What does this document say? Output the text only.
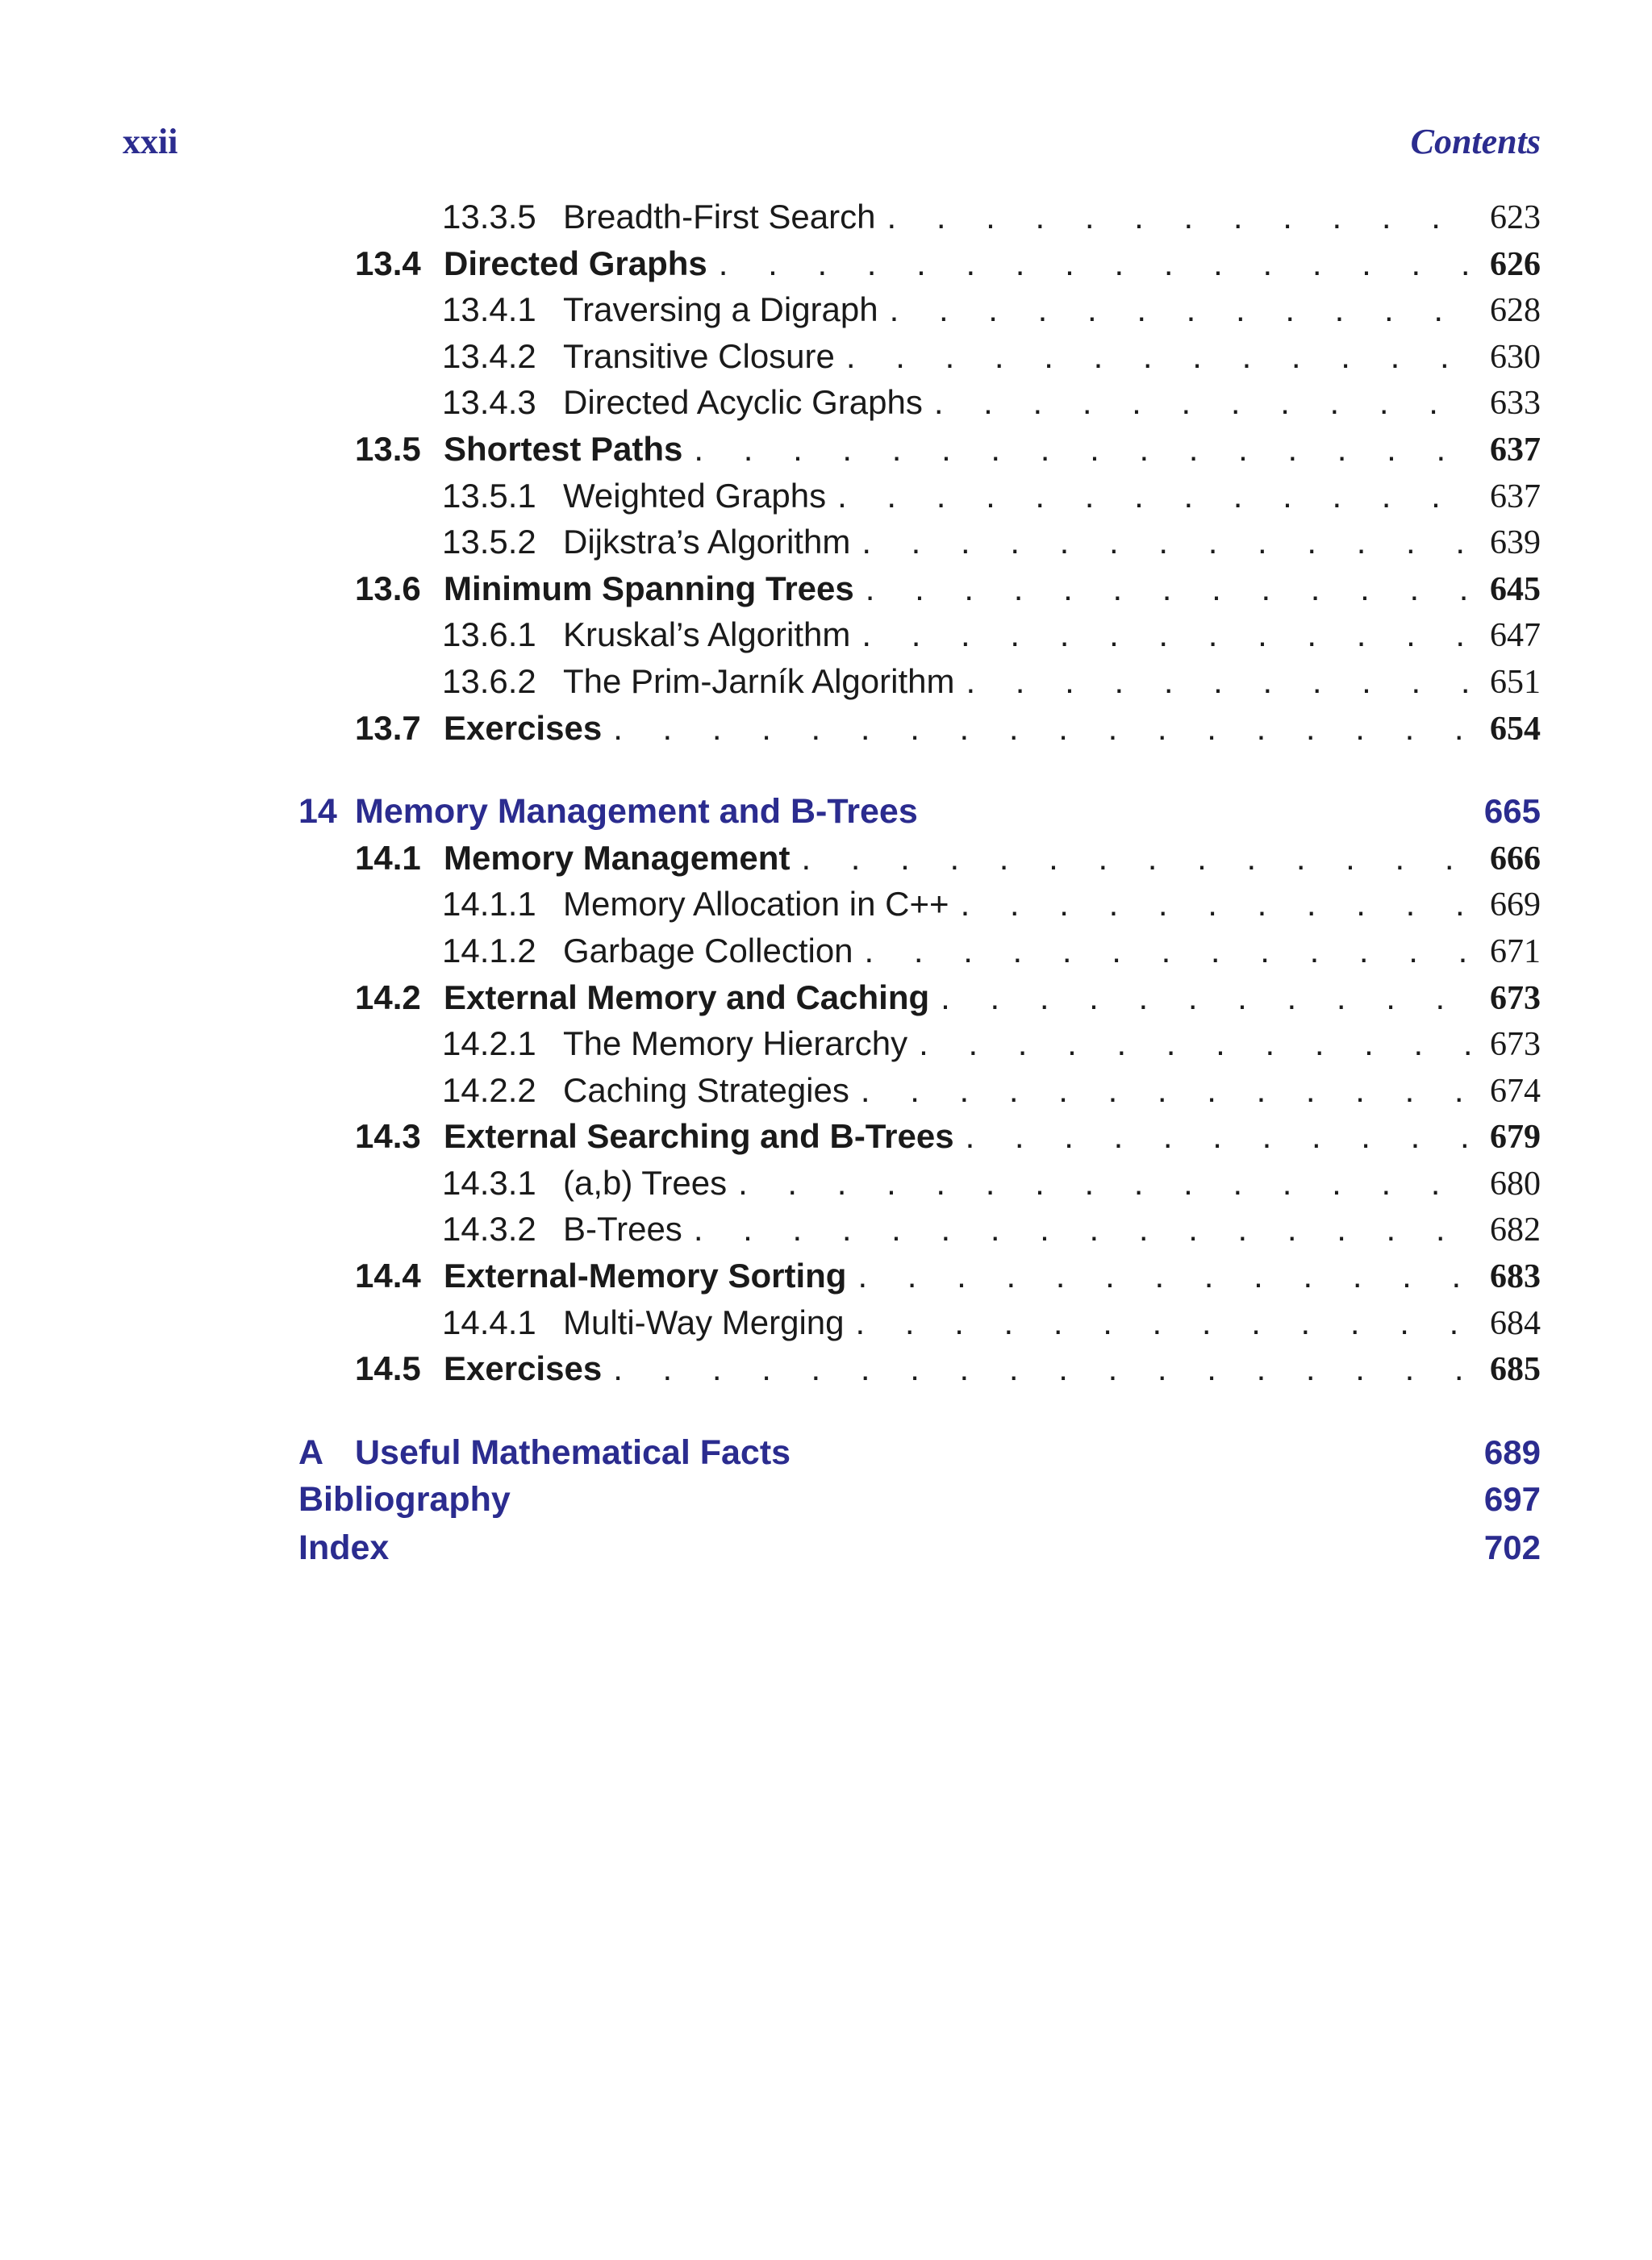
xxii	Contents
13.3.5 Breadth-First Search . . .	623
13.4 Directed Graphs . . .	626
13.4.1 Traversing a Digraph . . .	628
13.4.2 Transitive Closure . . .	630
13.4.3 Directed Acyclic Graphs . . .	633
13.5 Shortest Paths . . .	637
13.5.1 Weighted Graphs . . .	637
13.5.2 Dijkstra’s Algorithm . . .	639
13.6 Minimum Spanning Trees . . .	645
13.6.1 Kruskal’s Algorithm . . .	647
13.6.2 The Prim-Jarník Algorithm . . .	651
13.7 Exercises . . .	654
14 Memory Management and B-Trees	665
14.1 Memory Management . . .	666
14.1.1 Memory Allocation in C++ . . .	669
14.1.2 Garbage Collection . . .	671
14.2 External Memory and Caching . . .	673
14.2.1 The Memory Hierarchy . . .	673
14.2.2 Caching Strategies . . .	674
14.3 External Searching and B-Trees . . .	679
14.3.1 (a,b) Trees . . .	680
14.3.2 B-Trees . . .	682
14.4 External-Memory Sorting . . .	683
14.4.1 Multi-Way Merging . . .	684
14.5 Exercises . . .	685
A Useful Mathematical Facts	689
Bibliography	697
Index	702
